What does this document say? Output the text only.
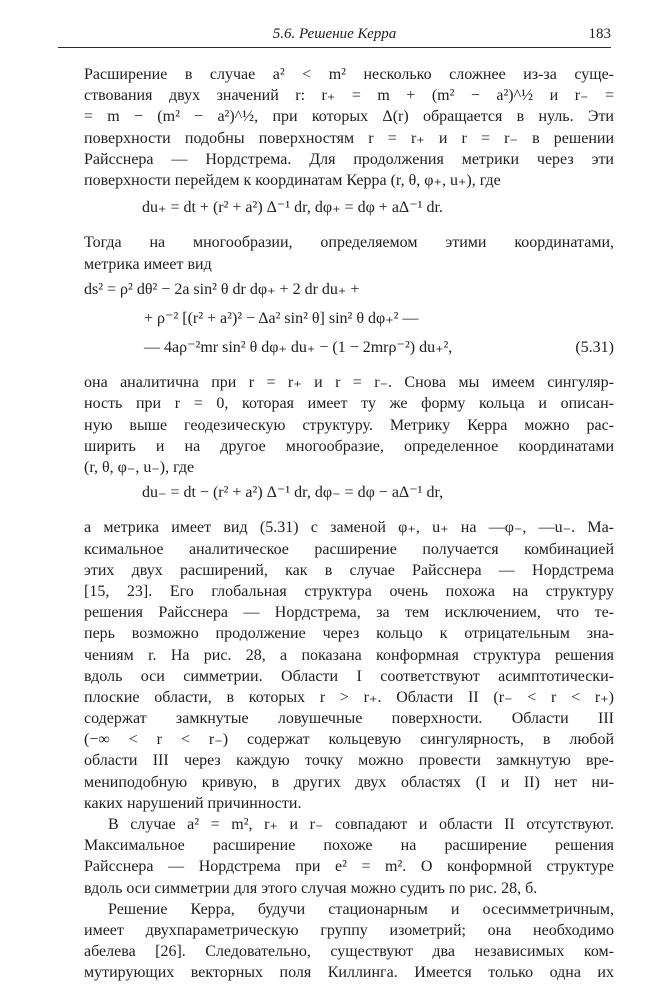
5.6. Решение Керра	183
Расширение в случае a² < m² несколько сложнее из-за суще-
ствования двух значений r: r₊ = m + (m² − a²)^½ и r₋ =
= m − (m² − a²)^½, при которых Δ(r) обращается в нуль. Эти
поверхности подобны поверхностям r = r₊ и r = r₋ в решении
Райсснера — Нордстрема. Для продолжения метрики через эти
поверхности перейдем к координатам Керра (r, θ, φ₊, u₊), где
du₊ = dt + (r² + a²) Δ⁻¹ dr, dφ₊ = dφ + aΔ⁻¹ dr.
Тогда на многообразии, определяемом этими координатами,
метрика имеет вид
ds² = ρ² dθ² − 2a sin² θ dr dφ₊ + 2 dr du₊ +
+ ρ⁻² [(r² + a²)² − Δa² sin² θ] sin² θ dφ₊² —
— 4aρ⁻²mr sin² θ dφ₊ du₊ − (1 − 2mrρ⁻²) du₊²,	(5.31)
она аналитична при r = r₊ и r = r₋. Снова мы имеем сингуляр-
ность при r = 0, которая имеет ту же форму кольца и описан-
ную выше геодезическую структуру. Метрику Керра можно рас-
ширить и на другое многообразие, определенное координатами
(r, θ, φ₋, u₋), где
du₋ = dt − (r² + a²) Δ⁻¹ dr, dφ₋ = dφ − aΔ⁻¹ dr,
а метрика имеет вид (5.31) с заменой φ₊, u₊ на —φ₋, —u₋. Ма-
ксимальное аналитическое расширение получается комбинацией
этих двух расширений, как в случае Райсснера — Нордстрема
[15, 23]. Его глобальная структура очень похожа на структуру
решения Райсснера — Нордстрема, за тем исключением, что те-
перь возможно продолжение через кольцо к отрицательным зна-
чениям r. На рис. 28, а показана конформная структура решения
вдоль оси симметрии. Области I соответствуют асимптотически-
плоские области, в которых r > r₊. Области II (r₋ < r < r₊)
содержат замкнутые ловушечные поверхности. Области III
(−∞ < r < r₋) содержат кольцевую сингулярность, в любой
области III через каждую точку можно провести замкнутую вре-
мениподобную кривую, в других двух областях (I и II) нет ни-
каких нарушений причинности.
В случае a² = m², r₊ и r₋ совпадают и области II отсутствуют.
Максимальное расширение похоже на расширение решения
Райсснера — Нордстрема при e² = m². О конформной структуре
вдоль оси симметрии для этого случая можно судить по рис. 28, б.
Решение Керра, будучи стационарным и осесимметричным,
имеет двухпараметрическую группу изометрий; она необходимо
абелева [26]. Следовательно, существуют два независимых ком-
мутирующих векторных поля Киллинга. Имеется только одна их
